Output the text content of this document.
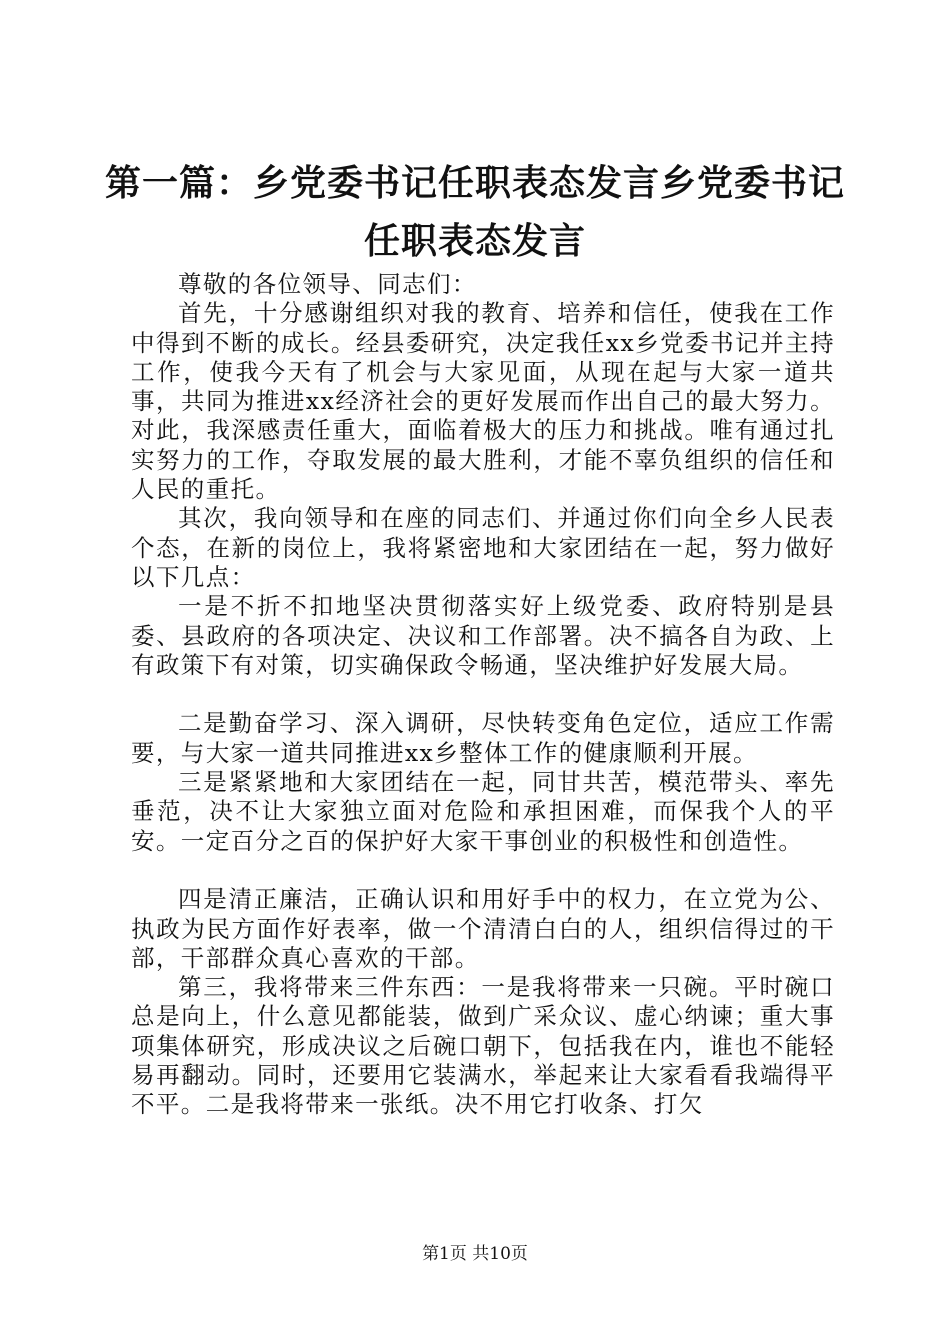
第一篇：乡党委书记任职表态发言乡党委书记任职表态发言

尊敬的各位领导、同志们：

首先，十分感谢组织对我的教育、培养和信任，使我在工作中得到不断的成长。经县委研究，决定我任xx乡党委书记并主持工作，使我今天有了机会与大家见面，从现在起与大家一道共事，共同为推进xx经济社会的更好发展而作出自己的最大努力。对此，我深感责任重大，面临着极大的压力和挑战。唯有通过扎实努力的工作，夺取发展的最大胜利，才能不辜负组织的信任和人民的重托。

其次，我向领导和在座的同志们、并通过你们向全乡人民表个态，在新的岗位上，我将紧密地和大家团结在一起，努力做好以下几点：

一是不折不扣地坚决贯彻落实好上级党委、政府特别是县委、县政府的各项决定、决议和工作部署。决不搞各自为政、上有政策下有对策，切实确保政令畅通，坚决维护好发展大局。

二是勤奋学习、深入调研，尽快转变角色定位，适应工作需要，与大家一道共同推进xx乡整体工作的健康顺利开展。

三是紧紧地和大家团结在一起，同甘共苦，模范带头、率先垂范，决不让大家独立面对危险和承担困难，而保我个人的平安。一定百分之百的保护好大家干事创业的积极性和创造性。

四是清正廉洁，正确认识和用好手中的权力，在立党为公、执政为民方面作好表率，做一个清清白白的人，组织信得过的干部，干部群众真心喜欢的干部。

第三，我将带来三件东西：一是我将带来一只碗。平时碗口总是向上，什么意见都能装，做到广采众议、虚心纳谏；重大事项集体研究，形成决议之后碗口朝下，包括我在内，谁也不能轻易再翻动。同时，还要用它装满水，举起来让大家看看我端得平不平。二是我将带来一张纸。决不用它打收条、打欠

第1页 共10页
